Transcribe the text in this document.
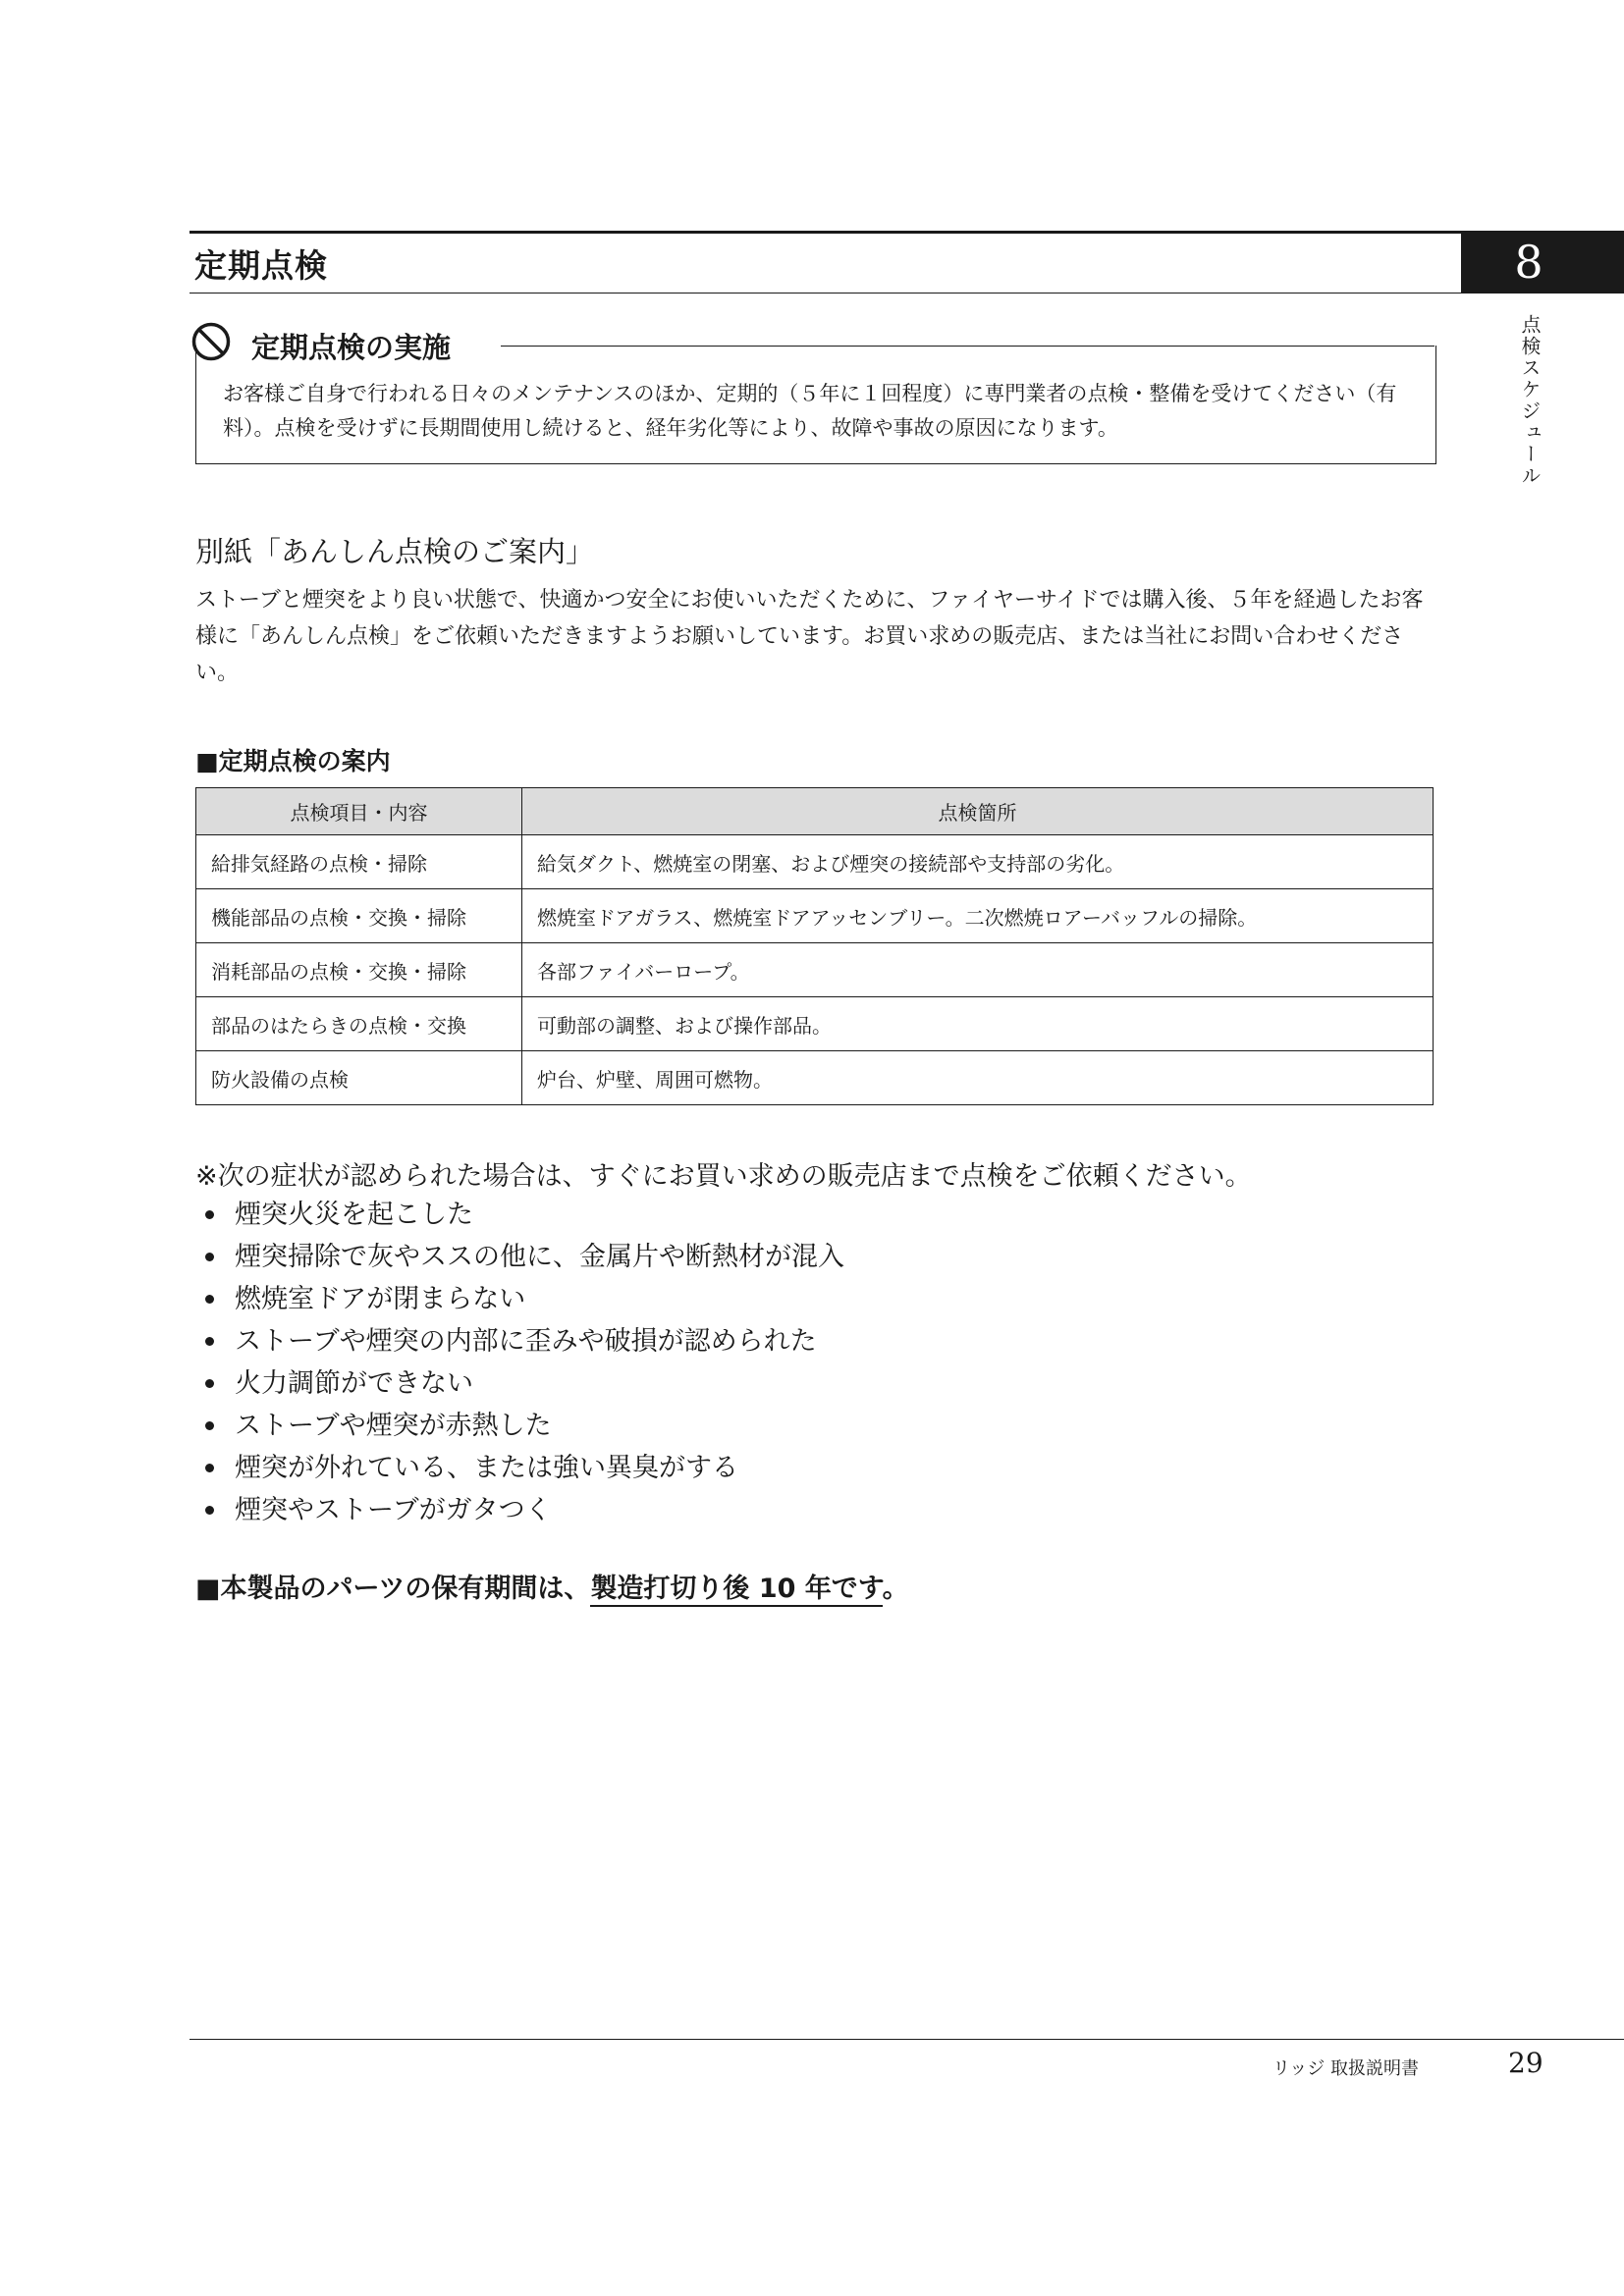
定期点検	8
点検スケジュール
定期点検の実施
お客様ご自身で行われる日々のメンテナンスのほか、定期的（５年に１回程度）に専門業者の点検・整備を受けてください（有料）。点検を受けずに長期間使用し続けると、経年劣化等により、故障や事故の原因になります。
別紙「あんしん点検のご案内」
ストーブと煙突をより良い状態で、快適かつ安全にお使いいただくために、ファイヤーサイドでは購入後、５年を経過したお客様に「あんしん点検」をご依頼いただきますようお願いしています。お買い求めの販売店、または当社にお問い合わせください。
■定期点検の案内
点検項目・内容	点検箇所
給排気経路の点検・掃除	給気ダクト、燃焼室の閉塞、および煙突の接続部や支持部の劣化。
機能部品の点検・交換・掃除	燃焼室ドアガラス、燃焼室ドアアッセンブリー。二次燃焼ロアーバッフルの掃除。
消耗部品の点検・交換・掃除	各部ファイバーロープ。
部品のはたらきの点検・交換	可動部の調整、および操作部品。
防火設備の点検	炉台、炉壁、周囲可燃物。
※次の症状が認められた場合は、すぐにお買い求めの販売店まで点検をご依頼ください。
煙突火災を起こした
煙突掃除で灰やススの他に、金属片や断熱材が混入
燃焼室ドアが閉まらない
ストーブや煙突の内部に歪みや破損が認められた
火力調節ができない
ストーブや煙突が赤熱した
煙突が外れている、または強い異臭がする
煙突やストーブがガタつく
■本製品のパーツの保有期間は、製造打切り後 10 年です。
リッジ 取扱説明書	29
